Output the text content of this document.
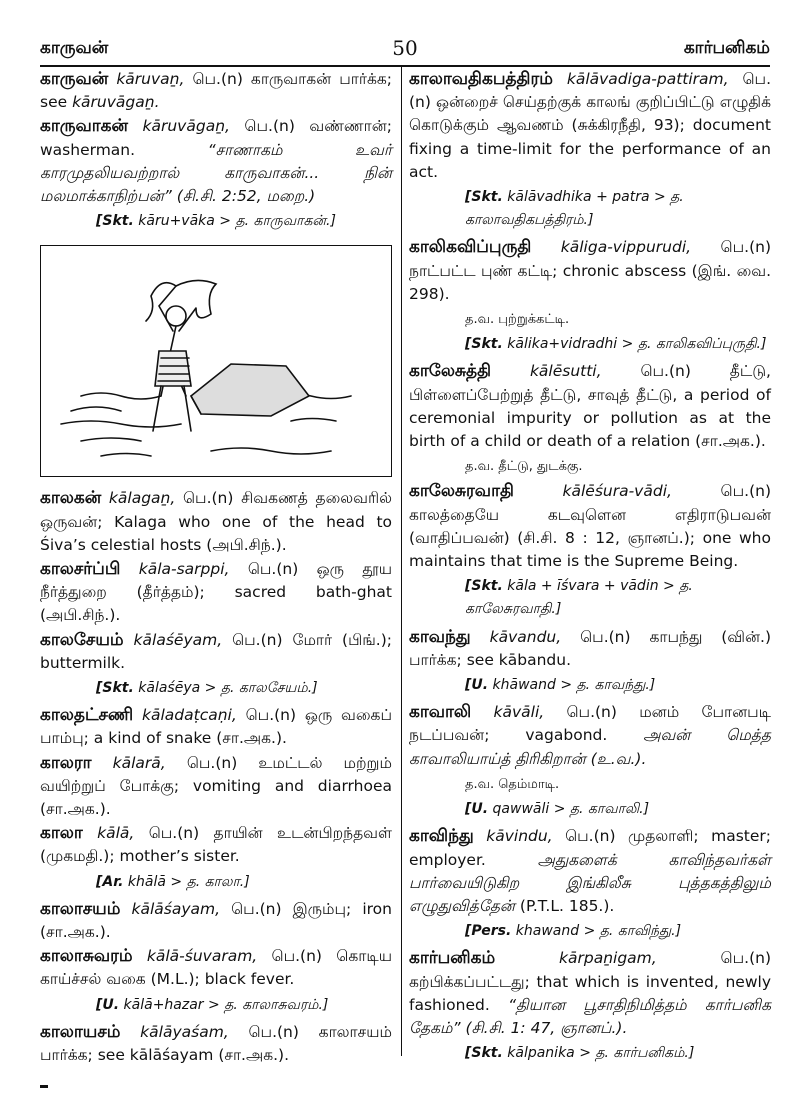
காருவன்	50	கார்பனிகம்
காருவன் kāruvaṉ, பெ.(n) காருவாகன் பார்க்க; see kāruvāgaṉ.
காருவாகன் kāruvāgaṉ, பெ.(n) வண்ணான்; washerman. “சாணாகம் உவர் காரமுதலியவற்றால் காருவாகன்... நின் மலமாக்காநிற்பன்” (சி.சி. 2:52, மறை.)
[Skt. kāru+vāka > த. காருவாகன்.]
காலகன் kālagaṉ, பெ.(n) சிவகணத் தலைவரில் ஒருவன்; Kalaga who one of the head to Śiva’s celestial hosts (அபி.சிந்.).
காலசர்ப்பி kāla-sarppi, பெ.(n) ஒரு தூய நீர்த்துறை (தீர்த்தம்); sacred bath-ghat (அபி.சிந்.).
காலசேயம் kālaśēyam, பெ.(n) மோர் (பிங்.); buttermilk.
[Skt. kālaśēya > த. காலசேயம்.]
காலதட்சணி kāladaṭcaṇi, பெ.(n) ஒரு வகைப் பாம்பு; a kind of snake (சா.அக.).
காலரா kālarā, பெ.(n) உமட்டல் மற்றும் வயிற்றுப் போக்கு; vomiting and diarrhoea (சா.அக.).
காலா kālā, பெ.(n) தாயின் உடன்பிறந்தவள் (முகமதி.); mother’s sister.
[Ar. khālā > த. காலா.]
காலாசயம் kālāśayam, பெ.(n) இரும்பு; iron (சா.அக.).
காலாசுவரம் kālā-śuvaram, பெ.(n) கொடிய காய்ச்சல் வகை (M.L.); black fever.
[U. kālā+hazar > த. காலாசுவரம்.]
காலாயசம் kālāyaśam, பெ.(n) காலாசயம் பார்க்க; see kālāśayam (சா.அக.).
காலாவதிகபத்திரம் kālāvadiga-pattiram, பெ.(n) ஒன்றைச் செய்தற்குக் காலங் குறிப்பிட்டு எழுதிக் கொடுக்கும் ஆவணம் (சுக்கிரநீதி, 93); document fixing a time-limit for the performance of an act.
[Skt. kālāvadhika + patra > த. காலாவதிகபத்திரம்.]
காலிகவிப்புருதி kāliga-vippurudi, பெ.(n) நாட்பட்ட புண் கட்டி; chronic abscess (இங். வை. 298).
த.வ. புற்றுக்கட்டி.
[Skt. kālika+vidradhi > த. காலிகவிப்புருதி.]
காலேசுத்தி	kālēsutti, பெ.(n) தீட்டு, பிள்ளைப்பேற்றுத் தீட்டு, சாவுத் தீட்டு, a period of ceremonial impurity or pollution as at the birth of a child or death of a relation (சா.அக.).
த.வ. தீட்டு, துடக்கு.
காலேசுரவாதி	kālēśura-vādi, பெ.(n) காலத்தையே கடவுளென எதிராடுபவன் (வாதிப்பவன்) (சி.சி. 8 : 12, ஞானப்.); one who maintains that time is the Supreme Being.
[Skt. kāla + īśvara + vādin > த. காலேசுரவாதி.]
காவந்து kāvandu, பெ.(n) காபந்து (வின்.) பார்க்க; see kābandu.
[U. khāwand > த. காவந்து.]
காவாலி kāvāli, பெ.(n) மனம் போனபடி நடப்பவன்; vagabond. அவன் மெத்த காவாலியாய்த் திரிகிறான் (உ.வ.).
த.வ. தெம்மாடி.
[U. qawwāli > த. காவாலி.]
காவிந்து kāvindu, பெ.(n) முதலாளி; master; employer. அதுகளைக் காவிந்தவர்கள் பார்வையிடுகிற இங்கிலீசு புத்தகத்திலும் எழுதுவித்தேன் (P.T.L. 185.).
[Pers. khawand > த. காவிந்து.]
கார்பனிகம்	kārpaṉigam, பெ.(n) கற்பிக்கப்பட்டது; that which is invented, newly fashioned. “தியான பூசாதிநிமித்தம் கார்பனிக தேகம்” (சி.சி. 1: 47, ஞானப்.).
[Skt. kālpanika > த. கார்பனிகம்.]
